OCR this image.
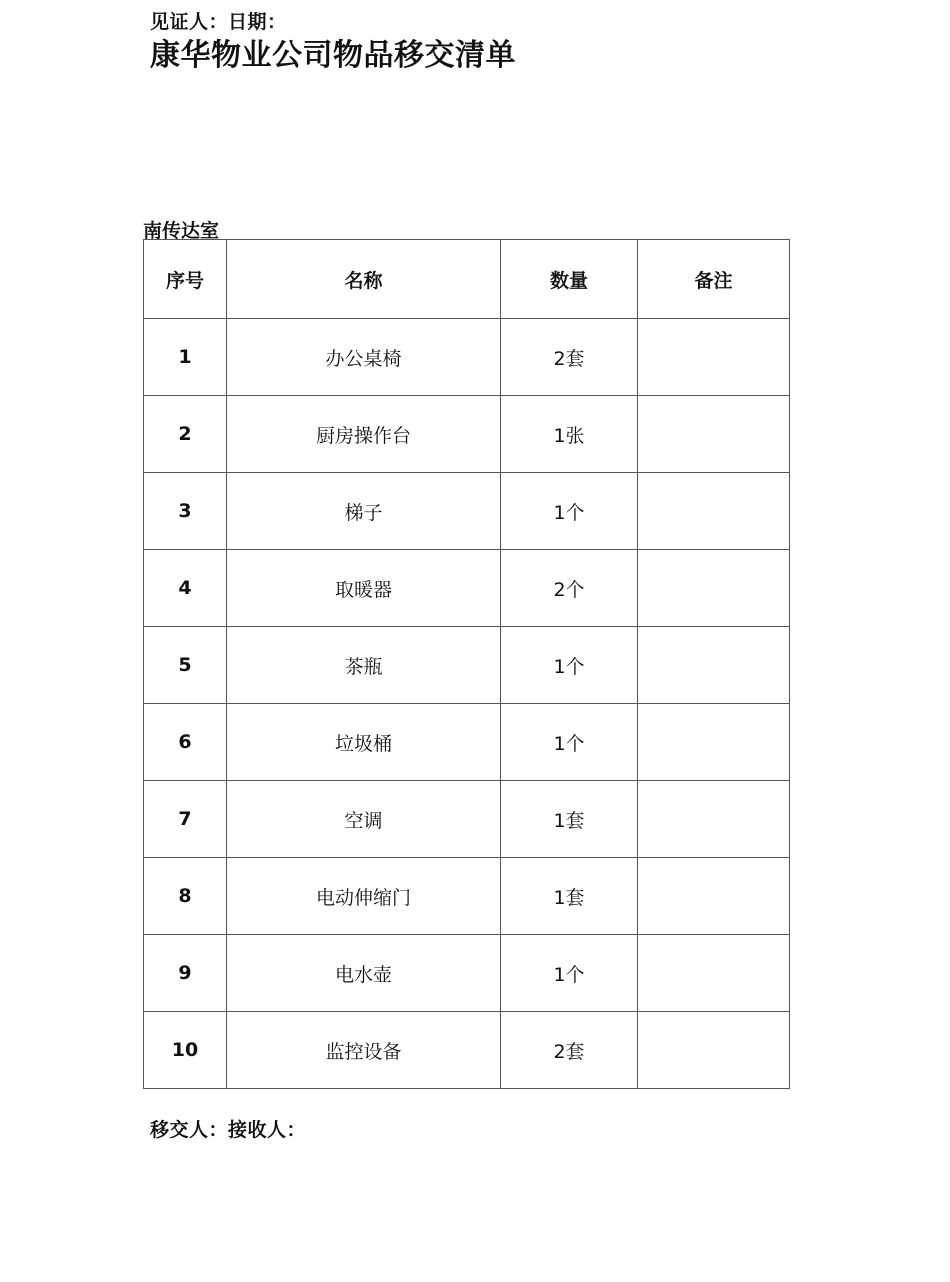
见证人：日期：
康华物业公司物品移交清单
南传达室
序号	名称	数量	备注
1	办公桌椅	2套	
2	厨房操作台	1张	
3	梯子	1个	
4	取暖器	2个	
5	茶瓶	1个	
6	垃圾桶	1个	
7	空调	1套	
8	电动伸缩门	1套	
9	电水壶	1个	
10	监控设备	2套	
移交人：接收人：
